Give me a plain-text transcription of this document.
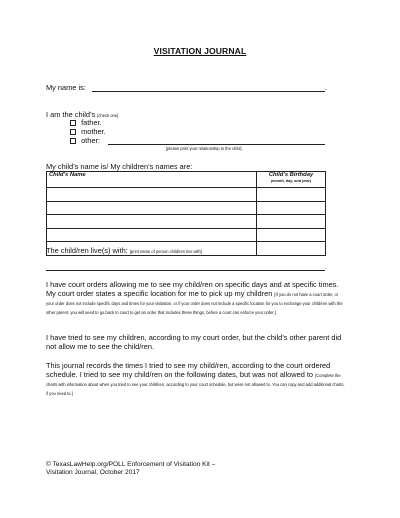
VISITATION JOURNAL
My name is:	.
I am the child’s [check one]
father.
mother.
other:
[please print your relationship to the child]
My child’s name is/ My children’s names are:
Child’s Name	Child’s Birthday
(month, day, and year)

The child/ren live(s) with: [print name of person child/ren live with]
.
I have court orders allowing me to see my child/ren on specific days and at specific times. My court order states a specific location for me to pick up my children [If you do not have a court order, or your order does not include specific days and times for your visitation, or if your order does not include a specific location for you to exchange your child/ren with the other parent, you will need to go back to court to get an order that includes these things, before a court can enforce your order.]
I have tried to see my children, according to my court order, but the child’s other parent did not allow me to see the child/ren.
This journal records the times I tried to see my child/ren, according to the court ordered schedule. I tried to see my child/ren on the following dates, but was not allowed to [Complete the charts with information about when you tried to see your child/ren, according to your court schedule, but were not allowed to. You can copy and add additional charts, if you need to.]
© TexasLawHelp.org/POLL Enforcement of Visitation Kit –
Visitation Journal, October 2017
